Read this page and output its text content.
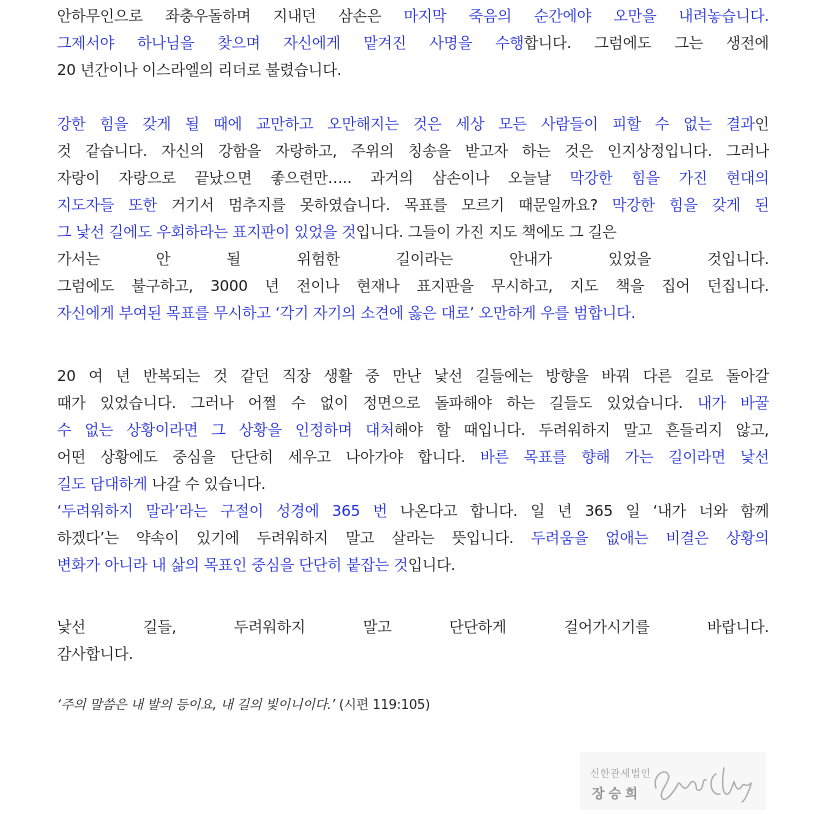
안하무인으로 좌충우돌하며 지내던 삼손은 마지막 죽음의 순간에야 오만을 내려놓습니다.
그제서야 하나님을 찾으며 자신에게 맡겨진 사명을 수행합니다. 그럼에도 그는 생전에
20 년간이나 이스라엘의 리더로 불렸습니다.
강한 힘을 갖게 될 때에 교만하고 오만해지는 것은 세상 모든 사람들이 피할 수 없는 결과인
것 같습니다. 자신의 강함을 자랑하고, 주위의 칭송을 받고자 하는 것은 인지상정입니다. 그러나
자랑이 자랑으로 끝났으면 좋으련만….. 과거의 삼손이나 오늘날 막강한 힘을 가진 현대의
지도자들 또한 거기서 멈추지를 못하였습니다. 목표를 모르기 때문일까요? 막강한 힘을 갖게 된
그 낯선 길에도 우회하라는 표지판이 있었을 것입니다. 그들이 가진 지도 책에도 그 길은
가서는 안 될 위험한 길이라는 안내가 있었을 것입니다.
그럼에도 불구하고, 3000 년 전이나 현재나 표지판을 무시하고, 지도 책을 집어 던집니다.
자신에게 부여된 목표를 무시하고 ‘각기 자기의 소견에 옳은 대로’ 오만하게 우를 범합니다.
20 여 년 반복되는 것 같던 직장 생활 중 만난 낯선 길들에는 방향을 바꿔 다른 길로 돌아갈
때가 있었습니다. 그러나 어쩔 수 없이 정면으로 돌파해야 하는 길들도 있었습니다. 내가 바꿀
수 없는 상황이라면 그 상황을 인정하며 대처해야 할 때입니다. 두려워하지 말고 흔들리지 않고,
어떤 상황에도 중심을 단단히 세우고 나아가야 합니다. 바른 목표를 향해 가는 길이라면 낯선
길도 담대하게 나갈 수 있습니다.
‘두려워하지 말라’라는 구절이 성경에 365 번 나온다고 합니다. 일 년 365 일 ‘내가 너와 함께
하겠다’는 약속이 있기에 두려워하지 말고 살라는 뜻입니다. 두려움을 없애는 비결은 상황의
변화가 아니라 내 삶의 목표인 중심을 단단히 붙잡는 것입니다.
낯선 길들, 두려워하지 말고 단단하게 걸어가시기를 바랍니다.
감사합니다.
‘주의 말씀은 내 발의 등이요, 내 길의 빛이니이다.’ (시편 119:105)
신한관세법인
장승희
